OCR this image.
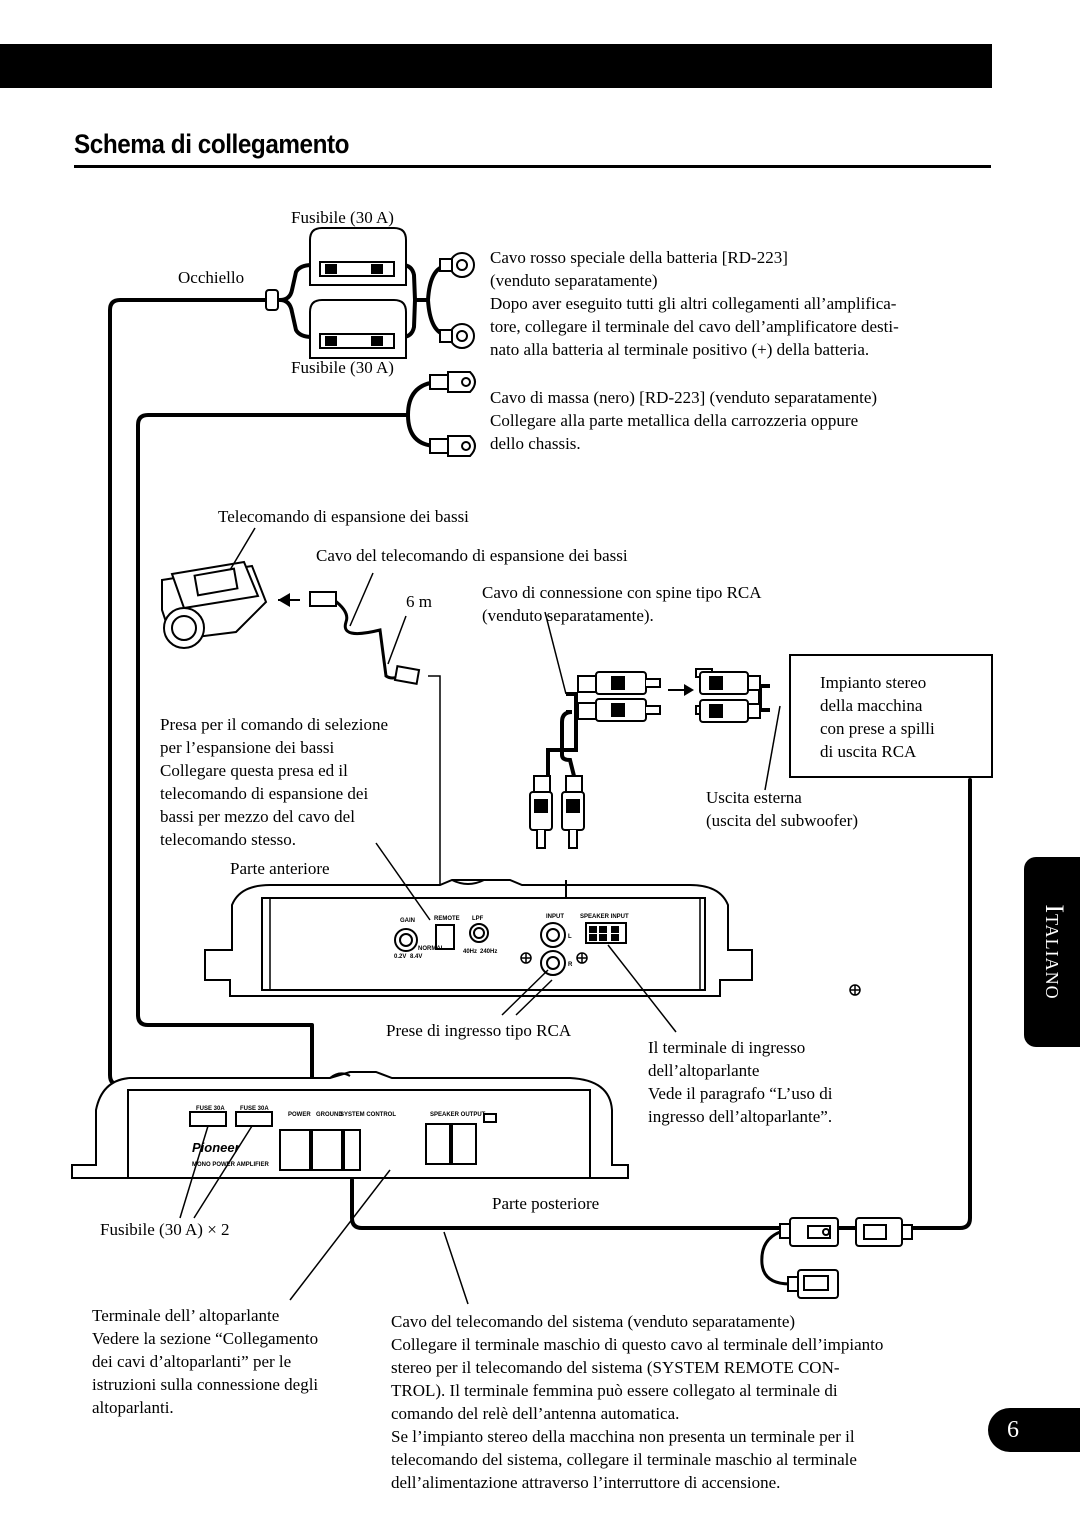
Schema di collegamento
GAIN	REMOTE LPF	INPUT	SPEAKER INPUT
L
R
NORMAL
0.2V 8.4V
40Hz 240Hz
FUSE 30A	FUSE 30A
POWER GROUND
SYSTEM CONTROL	SPEAKER OUTPUT
Pioneer
MONO POWER AMPLIFIER
Fusibile (30 A)
Occhiello
Fusibile (30 A)
Cavo rosso speciale della batteria [RD-223]
(venduto separatamente)
Dopo aver eseguito tutti gli altri collegamenti all’amplifica-
tore, collegare il terminale del cavo dell’amplificatore desti-
nato alla batteria al terminale positivo (+) della batteria.
Cavo di massa (nero) [RD-223] (venduto separatamente)
Collegare alla parte metallica della carrozzeria oppure
dello chassis.
Telecomando di espansione dei bassi
Cavo del telecomando di espansione dei bassi
6 m	Cavo di connessione con spine tipo RCA
(venduto separatamente).
Impianto stereo
della macchina
con prese a spilli
di uscita RCA
Presa per il comando di selezione
per l’espansione dei bassi
Collegare questa presa ed il
telecomando di espansione dei
bassi per mezzo del cavo del
telecomando stesso.
Uscita esterna
(uscita del subwoofer)
Parte anteriore
Prese di ingresso tipo RCA
Il terminale di ingresso
dell’altoparlante
Vede il paragrafo “L’uso di
ingresso dell’altoparlante”.
Parte posteriore
Fusibile (30 A) × 2
Terminale dell’ altoparlante
Vedere la sezione “Collegamento
dei cavi d’altoparlanti” per le
istruzioni sulla connessione degli
altoparlanti.
Cavo del telecomando del sistema (venduto separatamente)
Collegare il terminale maschio di questo cavo al terminale dell’impianto
stereo per il telecomando del sistema (SYSTEM REMOTE CON-
TROL). Il terminale femmina può essere collegato al terminale di
comando del relè dell’antenna automatica.
Se l’impianto stereo della macchina non presenta un terminale per il
telecomando del sistema, collegare il terminale maschio al terminale
dell’alimentazione attraverso l’interruttore di accensione.
Italiano
6
